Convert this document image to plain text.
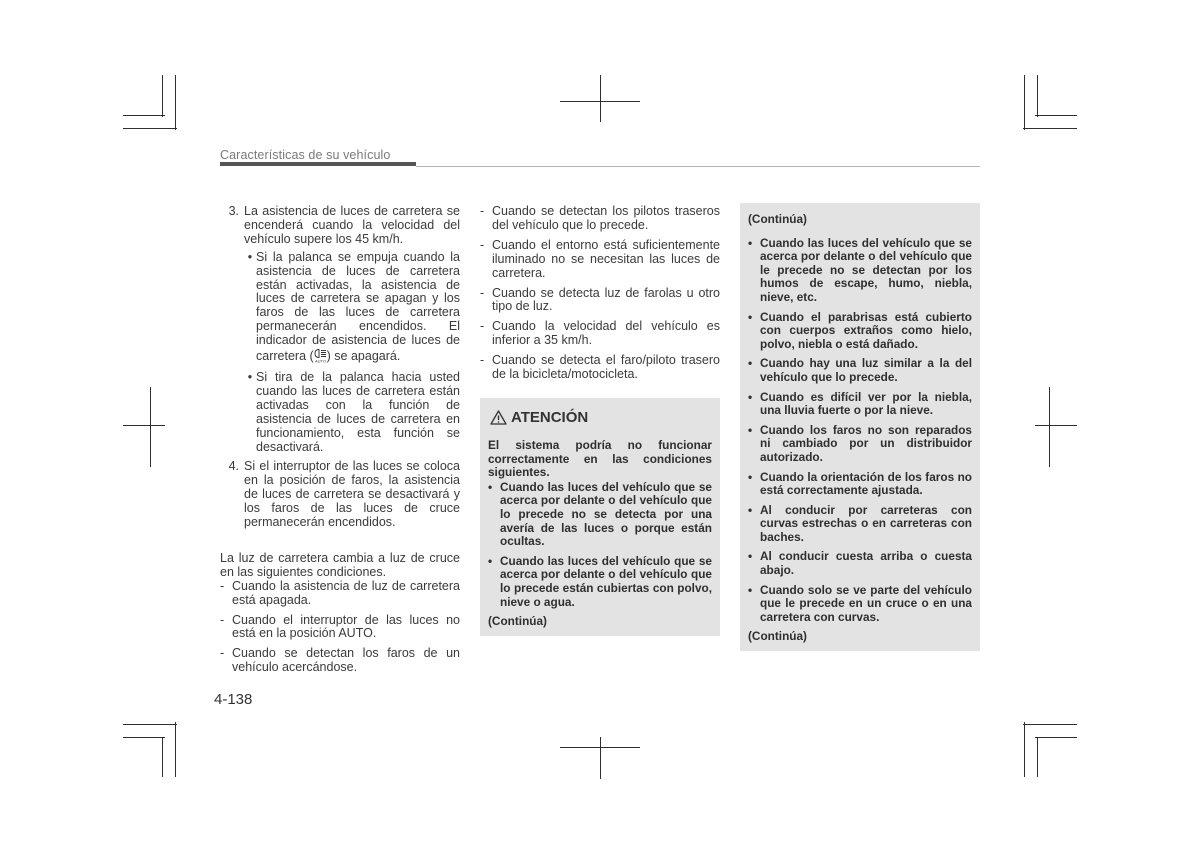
Características de su vehículo
3. La asistencia de luces de carretera se encenderá cuando la velocidad del vehículo supere los 45 km/h.
• Si la palanca se empuja cuando la asistencia de luces de carretera están activadas, la asistencia de luces de carretera se apagan y los faros de las luces de carretera permanecerán encendidos. El indicador de asistencia de luces de carretera ( AUTO ) se apagará.
• Si tira de la palanca hacia usted cuando las luces de carretera están activadas con la función de asistencia de luces de carretera en funcionamiento, esta función se desactivará.
4. Si el interruptor de las luces se coloca en la posición de faros, la asistencia de luces de carretera se desactivará y los faros de las luces de cruce permanecerán encendidos.
La luz de carretera cambia a luz de cruce en las siguientes condiciones.
- Cuando la asistencia de luz de carretera está apagada.
- Cuando el interruptor de las luces no está en la posición AUTO.
- Cuando se detectan los faros de un vehículo acercándose.
- Cuando se detectan los pilotos traseros del vehículo que lo precede.
- Cuando el entorno está suficientemente iluminado no se necesitan las luces de carretera.
- Cuando se detecta luz de farolas u otro tipo de luz.
- Cuando la velocidad del vehículo es inferior a 35 km/h.
- Cuando se detecta el faro/piloto trasero de la bicicleta/motocicleta.
ATENCIÓN

El sistema podría no funcionar correctamente en las condiciones siguientes.

• Cuando las luces del vehículo que se acerca por delante o del vehículo que lo precede no se detecta por una avería de las luces o porque están ocultas.
• Cuando las luces del vehículo que se acerca por delante o del vehículo que lo precede están cubiertas con polvo, nieve o agua.
(Continúa)
(Continúa)
• Cuando las luces del vehículo que se acerca por delante o del vehículo que le precede no se detectan por los humos de escape, humo, niebla, nieve, etc.
• Cuando el parabrisas está cubierto con cuerpos extraños como hielo, polvo, niebla o está dañado.
• Cuando hay una luz similar a la del vehículo que lo precede.
• Cuando es difícil ver por la niebla, una lluvia fuerte o por la nieve.
• Cuando los faros no son reparados ni cambiado por un distribuidor autorizado.
• Cuando la orientación de los faros no está correctamente ajustada.
• Al conducir por carreteras con curvas estrechas o en carreteras con baches.
• Al conducir cuesta arriba o cuesta abajo.
• Cuando solo se ve parte del vehículo que le precede en un cruce o en una carretera con curvas.
(Continúa)
4-138
